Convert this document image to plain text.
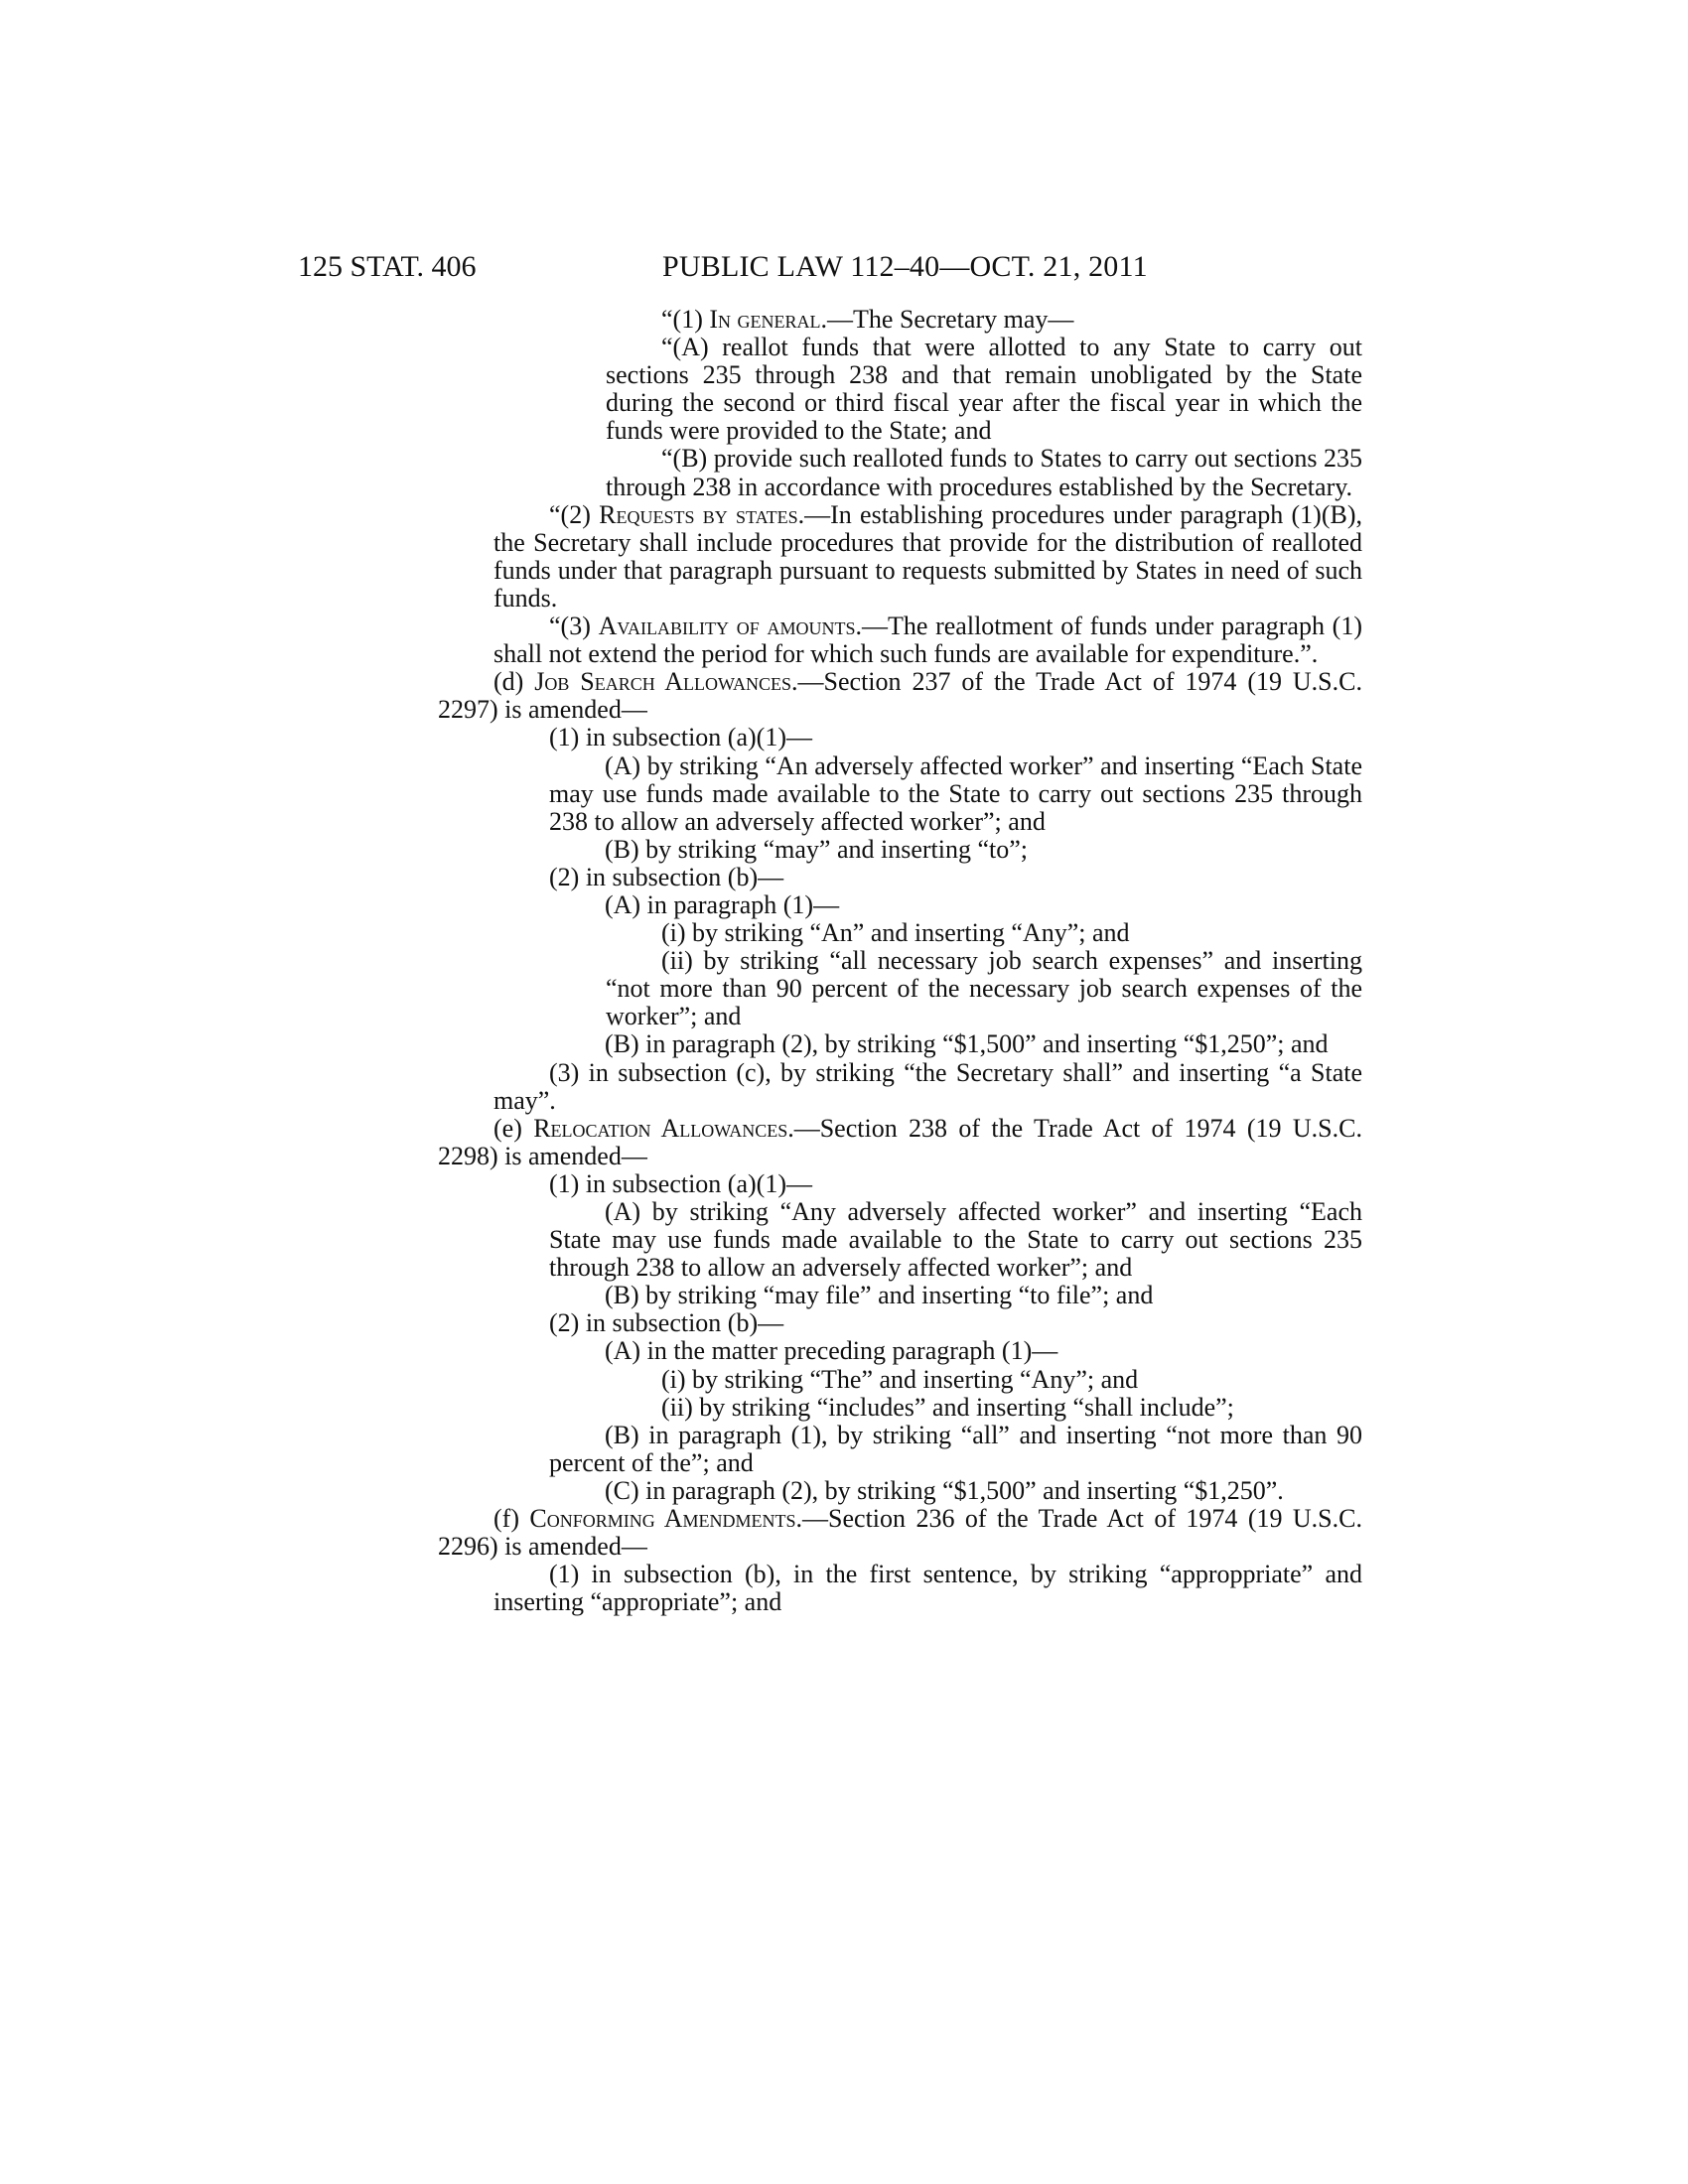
125 STAT. 406	PUBLIC LAW 112–40—OCT. 21, 2011

“(1) In general.—The Secretary may—

“(A) reallot funds that were allotted to any State to carry out sections 235 through 238 and that remain unobligated by the State during the second or third fiscal year after the fiscal year in which the funds were provided to the State; and

“(B) provide such realloted funds to States to carry out sections 235 through 238 in accordance with procedures established by the Secretary.

“(2) Requests by states.—In establishing procedures under paragraph (1)(B), the Secretary shall include procedures that provide for the distribution of realloted funds under that paragraph pursuant to requests submitted by States in need of such funds.

“(3) Availability of amounts.—The reallotment of funds under paragraph (1) shall not extend the period for which such funds are available for expenditure.”.

(d) Job Search Allowances.—Section 237 of the Trade Act of 1974 (19 U.S.C. 2297) is amended—

(1) in subsection (a)(1)—

(A) by striking “An adversely affected worker” and inserting “Each State may use funds made available to the State to carry out sections 235 through 238 to allow an adversely affected worker”; and

(B) by striking “may” and inserting “to”;

(2) in subsection (b)—

(A) in paragraph (1)—

(i) by striking “An” and inserting “Any”; and

(ii) by striking “all necessary job search expenses” and inserting “not more than 90 percent of the necessary job search expenses of the worker”; and

(B) in paragraph (2), by striking “$1,500” and inserting “$1,250”; and

(3) in subsection (c), by striking “the Secretary shall” and inserting “a State may”.

(e) Relocation Allowances.—Section 238 of the Trade Act of 1974 (19 U.S.C. 2298) is amended—

(1) in subsection (a)(1)—

(A) by striking “Any adversely affected worker” and inserting “Each State may use funds made available to the State to carry out sections 235 through 238 to allow an adversely affected worker”; and

(B) by striking “may file” and inserting “to file”; and

(2) in subsection (b)—

(A) in the matter preceding paragraph (1)—

(i) by striking “The” and inserting “Any”; and

(ii) by striking “includes” and inserting “shall include”;

(B) in paragraph (1), by striking “all” and inserting “not more than 90 percent of the”; and

(C) in paragraph (2), by striking “$1,500” and inserting “$1,250”.

(f) Conforming Amendments.—Section 236 of the Trade Act of 1974 (19 U.S.C. 2296) is amended—

(1) in subsection (b), in the first sentence, by striking “approppriate” and inserting “appropriate”; and
